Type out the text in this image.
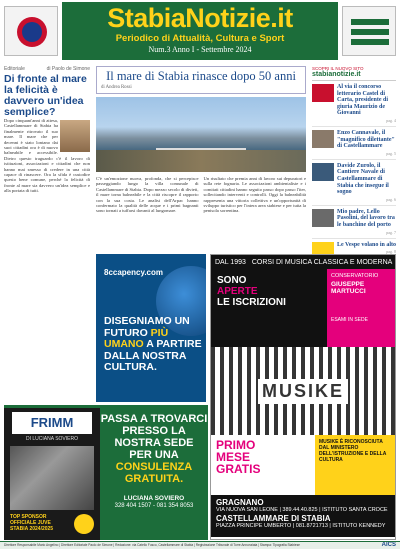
StabiaNotizie.it
Periodico di Attualità, Cultura e Sport
Num.3 Anno I - Settembre 2024
Editoriale	di Paolo de Simone
Di fronte al mare la felicità è davvero un'idea semplice?
Dopo cinquant'anni di attesa, Castellammare di Stabia ha finalmente ritrovato il suo mare. Il mare che per decenni è stato lontano dai suoi cittadini ora è di nuovo balneabile e accessibile. Dietro questo traguardo c'è il lavoro di istituzioni, associazioni e cittadini che non hanno mai smesso di credere in una città capace di rinascere. Ora la sfida è custodire questo bene comune, perché la felicità di fronte al mare sia davvero un'idea semplice e alla portata di tutti.
Il mare di Stabia rinasce dopo 50 anni
di Andrea Rossi
C'è un'emozione nuova, profonda, che si percepisce passeggiando lungo la villa comunale di Castellammare di Stabia. Dopo mezzo secolo di divieti, il mare torna balneabile e la città riscopre il rapporto con la sua costa. Le analisi dell'Arpac hanno confermato la qualità delle acque e i primi bagnanti sono tornati a tuffarsi davanti al lungomare.
Un risultato che premia anni di lavoro sui depuratori e sulla rete fognaria. Le associazioni ambientaliste e i comitati cittadini hanno seguito passo dopo passo l'iter, sollecitando interventi e controlli. Oggi la balneabilità rappresenta una vittoria collettiva e un'opportunità di sviluppo turistico per l'intera area stabiese e per tutta la penisola sorrentina.
SCOPRI IL NUOVO SITO
stabianotizie.it
Al via il concorso letterario Castel di Carta, presidente di giuria Maurizio de Giovanni
pag. 4
Enzo Cannavale, il "magnifico dilettante" di Castellammare
pag. 5
Davide Zurolo, il Cantiere Navale di Castellammare di Stabia che insegue il sogno
pag. 6
Mio padre, Lello Pasolini, del lavoro tra le banchine del porto
pag. 7
Le Vespe volano in alto
pag. 8
8ccapency.com
DISEGNIAMO UN FUTURO PIÙ UMANO A PARTIRE DALLA NOSTRA CULTURA.
DAL 1993 CORSI DI MUSICA CLASSICA E MODERNA
SONO
APERTE
LE ISCRIZIONI
CONSERVATORIO
GIUSEPPE MARTUCCI
ESAMI IN SEDE
MUSIKE
PRIMO
MESE
GRATIS
MUSIKE È RICONOSCIUTA DAL MINISTERO DELL'ISTRUZIONE E DELLA CULTURA
GRAGNANO
VIA NUOVA SAN LEONE | 389.44.40.825 | ISTITUTO SANTA CROCE
CASTELLAMMARE DI STABIA
PIAZZA PRINCIPE UMBERTO | 081.8721713 | ISTITUTO KENNEDY
FRIMM
DI LUCIANA SOVIERO
TOP SPONSOR OFFICIALE JUVE STABIA 2024/2025
PASSA A TROVARCI
PRESSO LA NOSTRA SEDE
PER UNA
CONSULENZA GRATUITA.
LUCIANA SOVIERO
328 404 1507 - 081 354 8053
Direttore Responsabile Mario Angelino | Direttore Editoriale Paolo de Simone | Redazione: via Catello Fusco, Castellammare di Stabia | Registrazione Tribunale di Torre Annunziata | Stampa: Tipografia Stabiese	AICS
